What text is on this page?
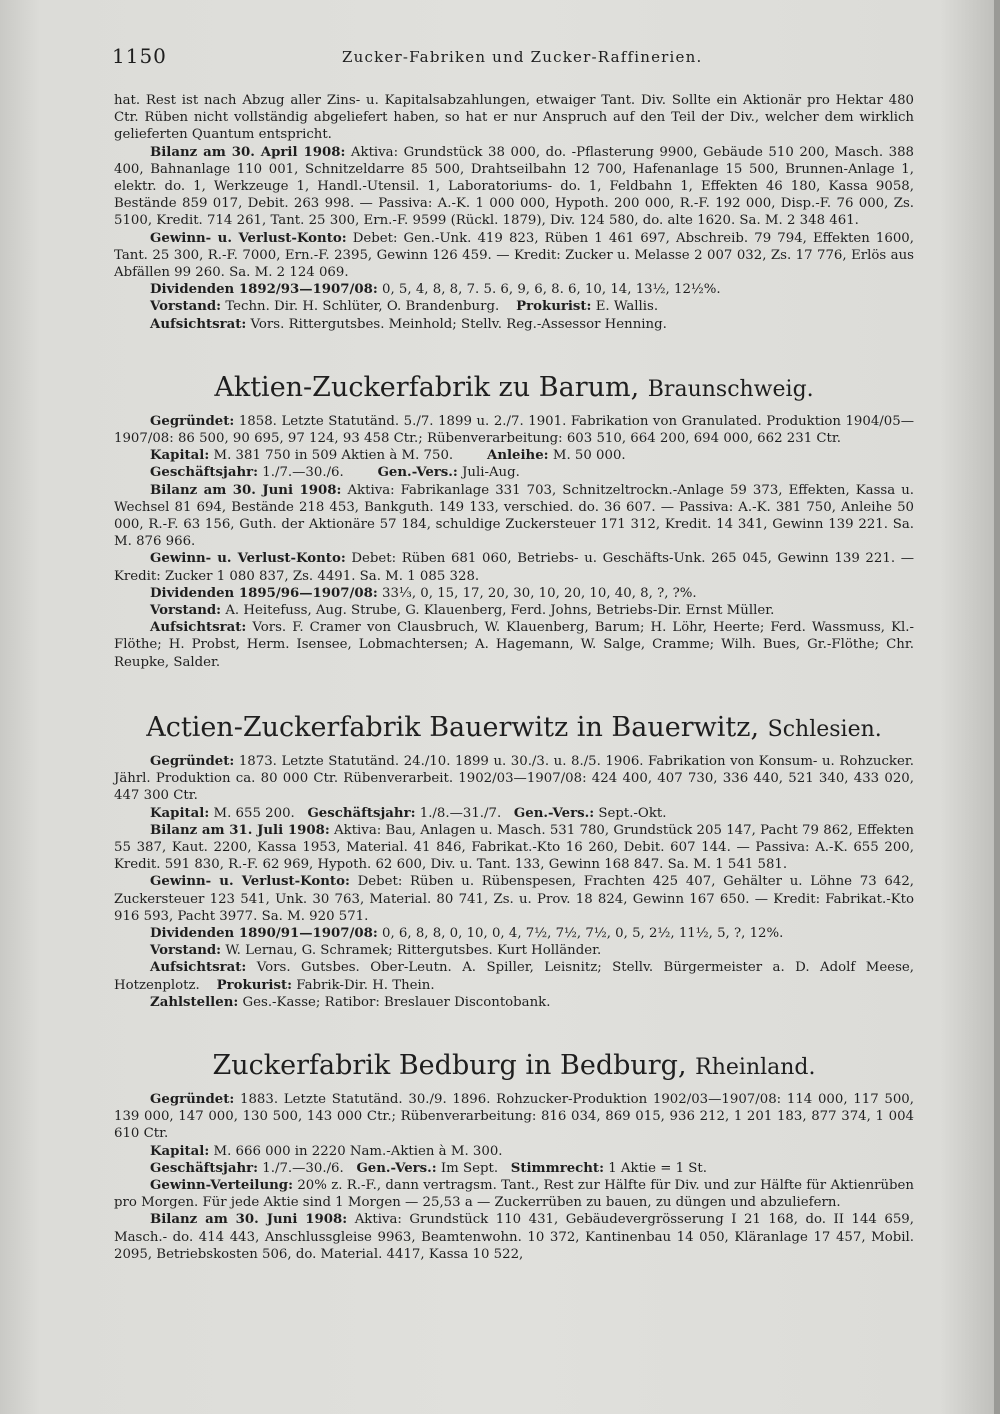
1150	Zucker-Fabriken und Zucker-Raffinerien.

hat. Rest ist nach Abzug aller Zins- u. Kapitalsabzahlungen, etwaiger Tant. Div. Sollte ein Aktionär pro Hektar 480 Ctr. Rüben nicht vollständig abgeliefert haben, so hat er nur Anspruch auf den Teil der Div., welcher dem wirklich gelieferten Quantum entspricht.

Bilanz am 30. April 1908: Aktiva: Grundstück 38 000, do. -Pflasterung 9900, Gebäude 510 200, Masch. 388 400, Bahnanlage 110 001, Schnitzeldarre 85 500, Drahtseilbahn 12 700, Hafenanlage 15 500, Brunnen-Anlage 1, elektr. do. 1, Werkzeuge 1, Handl.-Utensil. 1, Laboratoriums- do. 1, Feldbahn 1, Effekten 46 180, Kassa 9058, Bestände 859 017, Debit. 263 998. — Passiva: A.-K. 1 000 000, Hypoth. 200 000, R.-F. 192 000, Disp.-F. 76 000, Zs. 5100, Kredit. 714 261, Tant. 25 300, Ern.-F. 9599 (Rückl. 1879), Div. 124 580, do. alte 1620. Sa. M. 2 348 461.

Gewinn- u. Verlust-Konto: Debet: Gen.-Unk. 419 823, Rüben 1 461 697, Abschreib. 79 794, Effekten 1600, Tant. 25 300, R.-F. 7000, Ern.-F. 2395, Gewinn 126 459. — Kredit: Zucker u. Melasse 2 007 032, Zs. 17 776, Erlös aus Abfällen 99 260. Sa. M. 2 124 069.

Dividenden 1892/93—1907/08: 0, 5, 4, 8, 8, 7. 5. 6, 9, 6, 8. 6, 10, 14, 13½, 12½%.

Vorstand: Techn. Dir. H. Schlüter, O. Brandenburg. Prokurist: E. Wallis.

Aufsichtsrat: Vors. Rittergutsbes. Meinhold; Stellv. Reg.-Assessor Henning.

Aktien-Zuckerfabrik zu Barum, Braunschweig.

Gegründet: 1858. Letzte Statutänd. 5./7. 1899 u. 2./7. 1901. Fabrikation von Granulated. Produktion 1904/05—1907/08: 86 500, 90 695, 97 124, 93 458 Ctr.; Rübenverarbeitung: 603 510, 664 200, 694 000, 662 231 Ctr.

Kapital: M. 381 750 in 509 Aktien à M. 750.	Anleihe: M. 50 000.

Geschäftsjahr: 1./7.—30./6.	Gen.-Vers.: Juli-Aug.

Bilanz am 30. Juni 1908: Aktiva: Fabrikanlage 331 703, Schnitzeltrockn.-Anlage 59 373, Effekten, Kassa u. Wechsel 81 694, Bestände 218 453, Bankguth. 149 133, verschied. do. 36 607. — Passiva: A.-K. 381 750, Anleihe 50 000, R.-F. 63 156, Guth. der Aktionäre 57 184, schuldige Zuckersteuer 171 312, Kredit. 14 341, Gewinn 139 221. Sa. M. 876 966.

Gewinn- u. Verlust-Konto: Debet: Rüben 681 060, Betriebs- u. Geschäfts-Unk. 265 045, Gewinn 139 221. — Kredit: Zucker 1 080 837, Zs. 4491. Sa. M. 1 085 328.

Dividenden 1895/96—1907/08: 33⅓, 0, 15, 17, 20, 30, 10, 20, 10, 40, 8, ?, ?%.

Vorstand: A. Heitefuss, Aug. Strube, G. Klauenberg, Ferd. Johns, Betriebs-Dir. Ernst Müller.

Aufsichtsrat: Vors. F. Cramer von Clausbruch, W. Klauenberg, Barum; H. Löhr, Heerte; Ferd. Wassmuss, Kl.-Flöthe; H. Probst, Herm. Isensee, Lobmachtersen; A. Hagemann, W. Salge, Cramme; Wilh. Bues, Gr.-Flöthe; Chr. Reupke, Salder.

Actien-Zuckerfabrik Bauerwitz in Bauerwitz, Schlesien.

Gegründet: 1873. Letzte Statutänd. 24./10. 1899 u. 30./3. u. 8./5. 1906. Fabrikation von Konsum- u. Rohzucker. Jährl. Produktion ca. 80 000 Ctr. Rübenverarbeit. 1902/03—1907/08: 424 400, 407 730, 336 440, 521 340, 433 020, 447 300 Ctr.

Kapital: M. 655 200. Geschäftsjahr: 1./8.—31./7. Gen.-Vers.: Sept.-Okt.

Bilanz am 31. Juli 1908: Aktiva: Bau, Anlagen u. Masch. 531 780, Grundstück 205 147, Pacht 79 862, Effekten 55 387, Kaut. 2200, Kassa 1953, Material. 41 846, Fabrikat.-Kto 16 260, Debit. 607 144. — Passiva: A.-K. 655 200, Kredit. 591 830, R.-F. 62 969, Hypoth. 62 600, Div. u. Tant. 133, Gewinn 168 847. Sa. M. 1 541 581.

Gewinn- u. Verlust-Konto: Debet: Rüben u. Rübenspesen, Frachten 425 407, Gehälter u. Löhne 73 642, Zuckersteuer 123 541, Unk. 30 763, Material. 80 741, Zs. u. Prov. 18 824, Gewinn 167 650. — Kredit: Fabrikat.-Kto 916 593, Pacht 3977. Sa. M. 920 571.

Dividenden 1890/91—1907/08: 0, 6, 8, 8, 0, 10, 0, 4, 7½, 7½, 7½, 0, 5, 2½, 11½, 5, ?, 12%.

Vorstand: W. Lernau, G. Schramek; Rittergutsbes. Kurt Holländer.

Aufsichtsrat: Vors. Gutsbes. Ober-Leutn. A. Spiller, Leisnitz; Stellv. Bürgermeister a. D. Adolf Meese, Hotzenplotz. Prokurist: Fabrik-Dir. H. Thein.

Zahlstellen: Ges.-Kasse; Ratibor: Breslauer Discontobank.

Zuckerfabrik Bedburg in Bedburg, Rheinland.

Gegründet: 1883. Letzte Statutänd. 30./9. 1896. Rohzucker-Produktion 1902/03—1907/08: 114 000, 117 500, 139 000, 147 000, 130 500, 143 000 Ctr.; Rübenverarbeitung: 816 034, 869 015, 936 212, 1 201 183, 877 374, 1 004 610 Ctr.

Kapital: M. 666 000 in 2220 Nam.-Aktien à M. 300.

Geschäftsjahr: 1./7.—30./6. Gen.-Vers.: Im Sept. Stimmrecht: 1 Aktie = 1 St.

Gewinn-Verteilung: 20% z. R.-F., dann vertragsm. Tant., Rest zur Hälfte für Div. und zur Hälfte für Aktienrüben pro Morgen. Für jede Aktie sind 1 Morgen — 25,53 a — Zuckerrüben zu bauen, zu düngen und abzuliefern.

Bilanz am 30. Juni 1908: Aktiva: Grundstück 110 431, Gebäudevergrösserung I 21 168, do. II 144 659, Masch.- do. 414 443, Anschlussgleise 9963, Beamtenwohn. 10 372, Kantinenbau 14 050, Kläranlage 17 457, Mobil. 2095, Betriebskosten 506, do. Material. 4417, Kassa 10 522,
